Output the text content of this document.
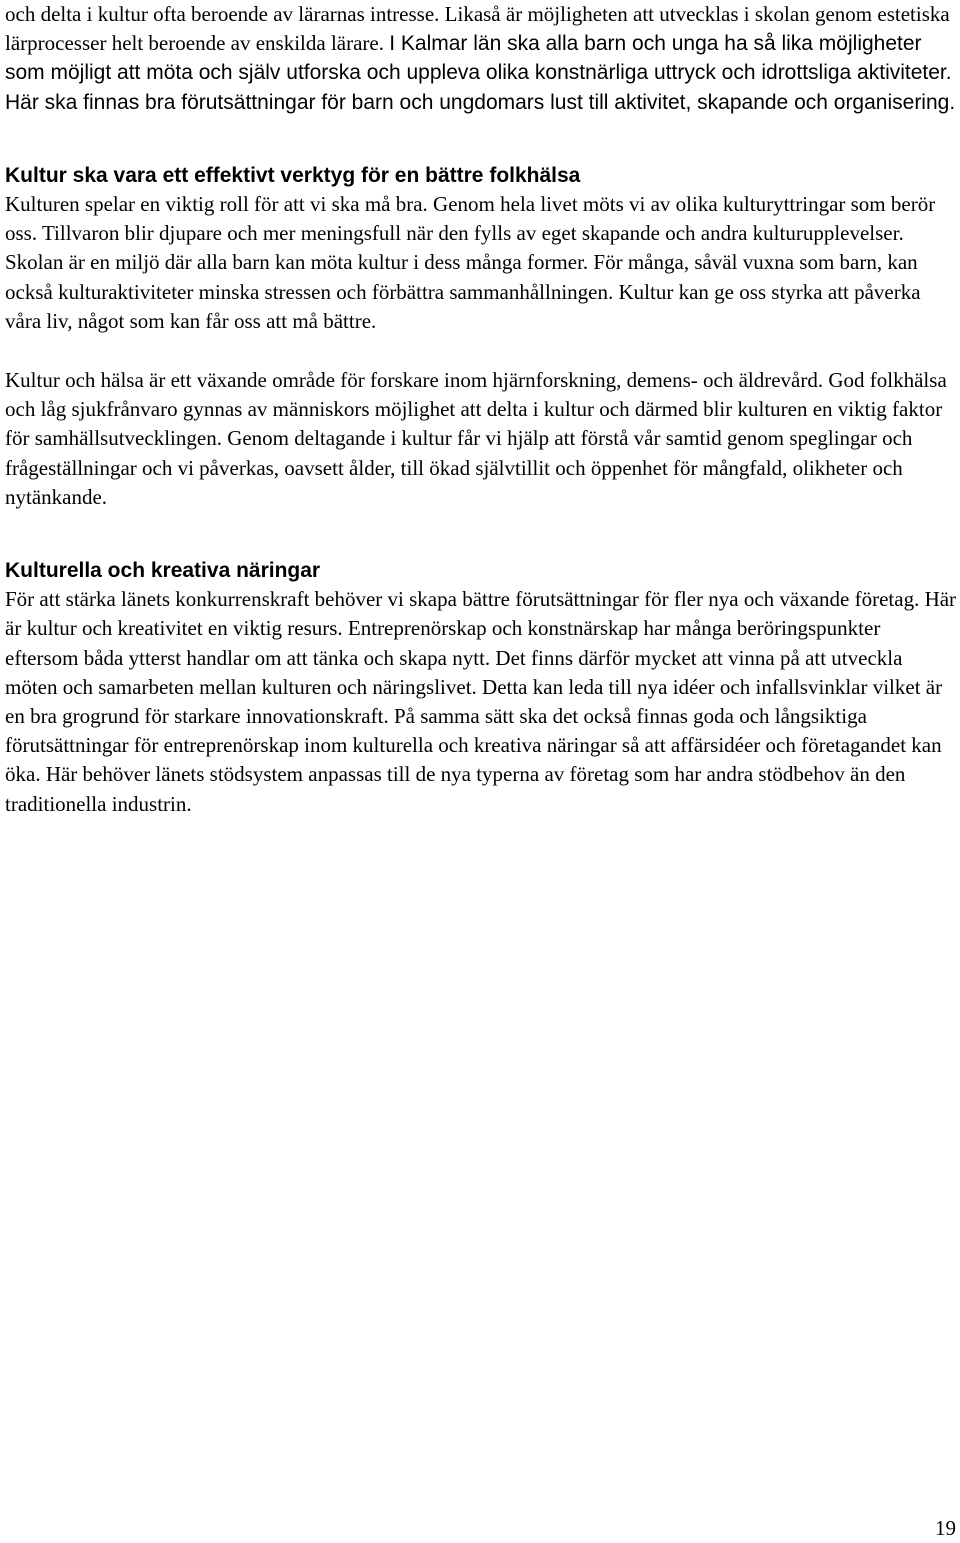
och delta i kultur ofta beroende av lärarnas intresse. Likaså är möjligheten att utvecklas i skolan genom estetiska lärprocesser helt beroende av enskilda lärare. I Kalmar län ska alla barn och unga ha så lika möjligheter som möjligt att möta och själv utforska och uppleva olika konstnärliga uttryck och idrottsliga aktiviteter. Här ska finnas bra förutsättningar för barn och ungdomars lust till aktivitet, skapande och organisering.

Kultur ska vara ett effektivt verktyg för en bättre folkhälsa

Kulturen spelar en viktig roll för att vi ska må bra. Genom hela livet möts vi av olika kulturyttringar som berör oss. Tillvaron blir djupare och mer meningsfull när den fylls av eget skapande och andra kulturupplevelser. Skolan är en miljö där alla barn kan möta kultur i dess många former. För många, såväl vuxna som barn, kan också kulturaktiviteter minska stressen och förbättra sammanhållningen. Kultur kan ge oss styrka att påverka våra liv, något som kan får oss att må bättre.

Kultur och hälsa är ett växande område för forskare inom hjärnforskning, demens- och äldrevård. God folkhälsa och låg sjukfrånvaro gynnas av människors möjlighet att delta i kultur och därmed blir kulturen en viktig faktor för samhällsutvecklingen. Genom deltagande i kultur får vi hjälp att förstå vår samtid genom speglingar och frågeställningar och vi påverkas, oavsett ålder, till ökad självtillit och öppenhet för mångfald, olikheter och nytänkande.

Kulturella och kreativa näringar

För att stärka länets konkurrenskraft behöver vi skapa bättre förutsättningar för fler nya och växande företag. Här är kultur och kreativitet en viktig resurs. Entreprenörskap och konstnärskap har många beröringspunkter eftersom båda ytterst handlar om att tänka och skapa nytt. Det finns därför mycket att vinna på att utveckla möten och samarbeten mellan kulturen och näringslivet. Detta kan leda till nya idéer och infallsvinklar vilket är en bra grogrund för starkare innovationskraft. På samma sätt ska det också finnas goda och långsiktiga förutsättningar för entreprenörskap inom kulturella och kreativa näringar så att affärsidéer och företagandet kan öka. Här behöver länets stödsystem anpassas till de nya typerna av företag som har andra stödbehov än den traditionella industrin.

19
